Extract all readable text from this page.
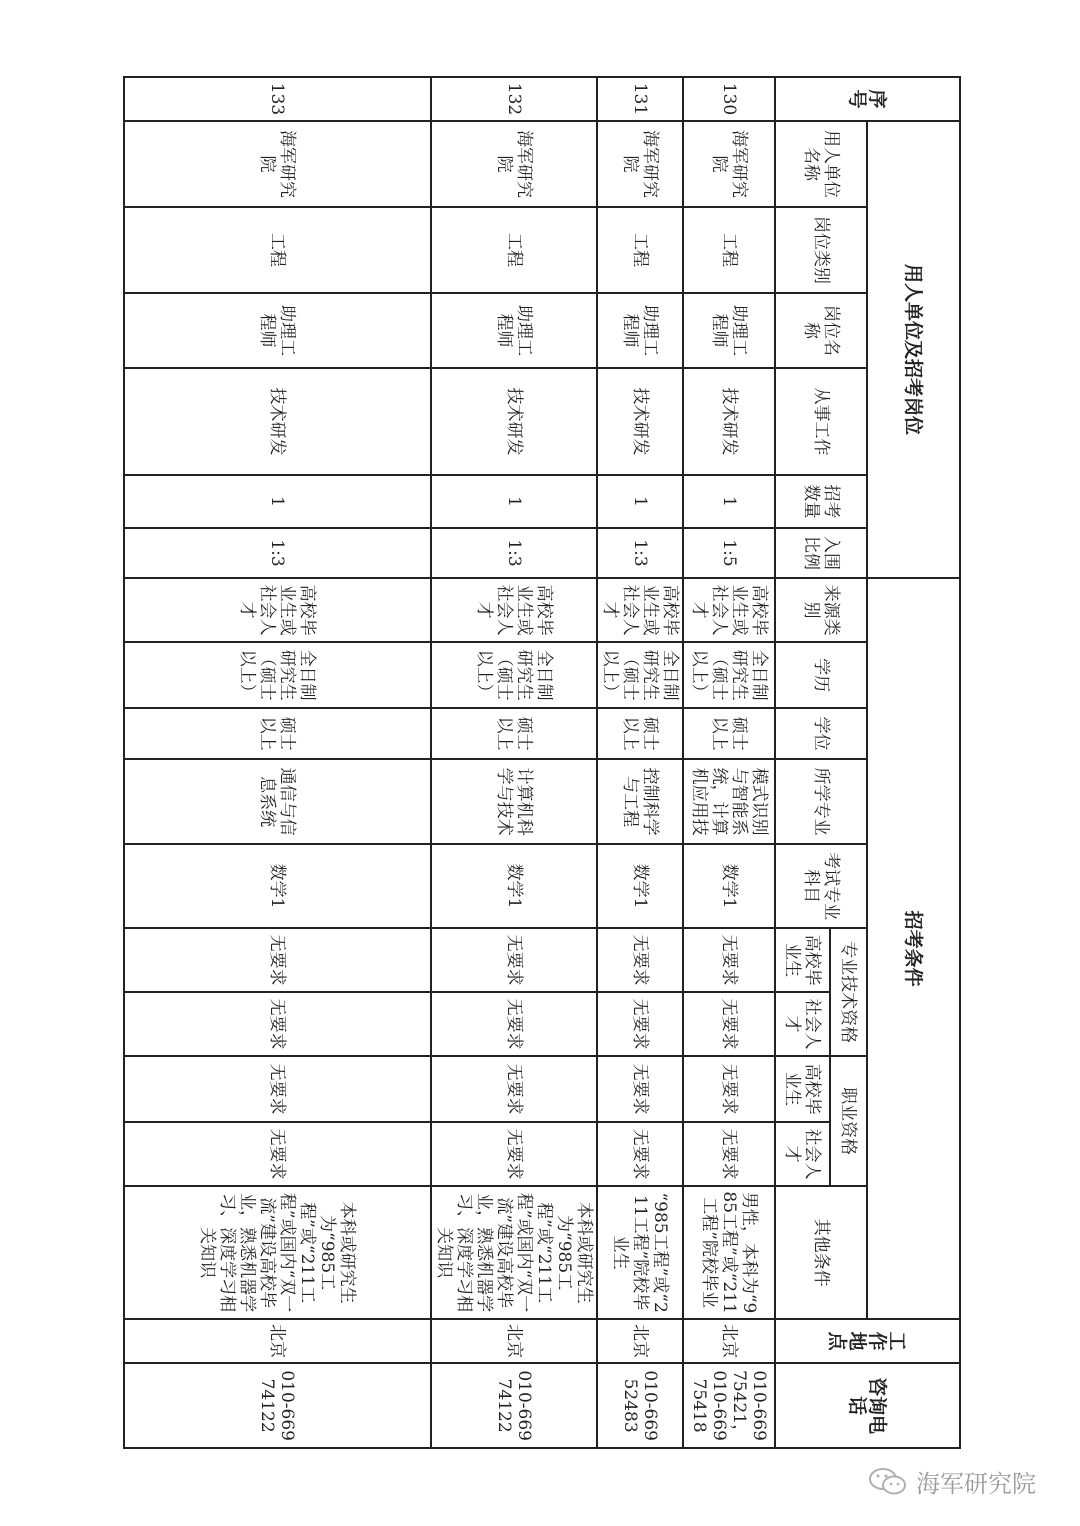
序号	用人单位及招考岗位						招考条件										工作地点	咨询电话
	用人单位名称	岗位类别	岗位名称	从事工作	招考数量	入围比例	来源类别	学历	学位	所学专业	考试专业科目	专业技术资格		职业资格		其他条件		
												高校毕业生	社会人才	高校毕业生	社会人才			
130	海军研究院	工程	助理工程师	技术研发	1	1:5	高校毕业生或社会人才	全日制研究生（硕士以上）	硕士以上	模式识别与智能系统，计算机应用技	数学1	无要求	无要求	无要求	无要求	男性，本科为“985工程”或“211工程”院校毕业	北京	010-66975421，010-66975418
131	海军研究院	工程	助理工程师	技术研发	1	1:3	高校毕业生或社会人才	全日制研究生（硕士以上）	硕士以上	控制科学与工程	数学1	无要求	无要求	无要求	无要求	“985工程”或“211工程”院校毕业生	北京	010-66952483
132	海军研究院	工程	助理工程师	技术研发	1	1:3	高校毕业生或社会人才	全日制研究生（硕士以上）	硕士以上	计算机科学与技术	数学1	无要求	无要求	无要求	无要求	本科或研究生为“985工程”或“211工程”或国内“双一流”建设高校毕业，熟悉机器学习、深度学习相关知识	北京	010-66974122
133	海军研究院	工程	助理工程师	技术研发	1	1:3	高校毕业生或社会人才	全日制研究生（硕士以上）	硕士以上	通信与信息系统	数学1	无要求	无要求	无要求	无要求	本科或研究生为“985工程”或“211工程”或国内“双一流”建设高校毕业，熟悉机器学习、深度学习相关知识	北京	010-66974122
海军研究院
